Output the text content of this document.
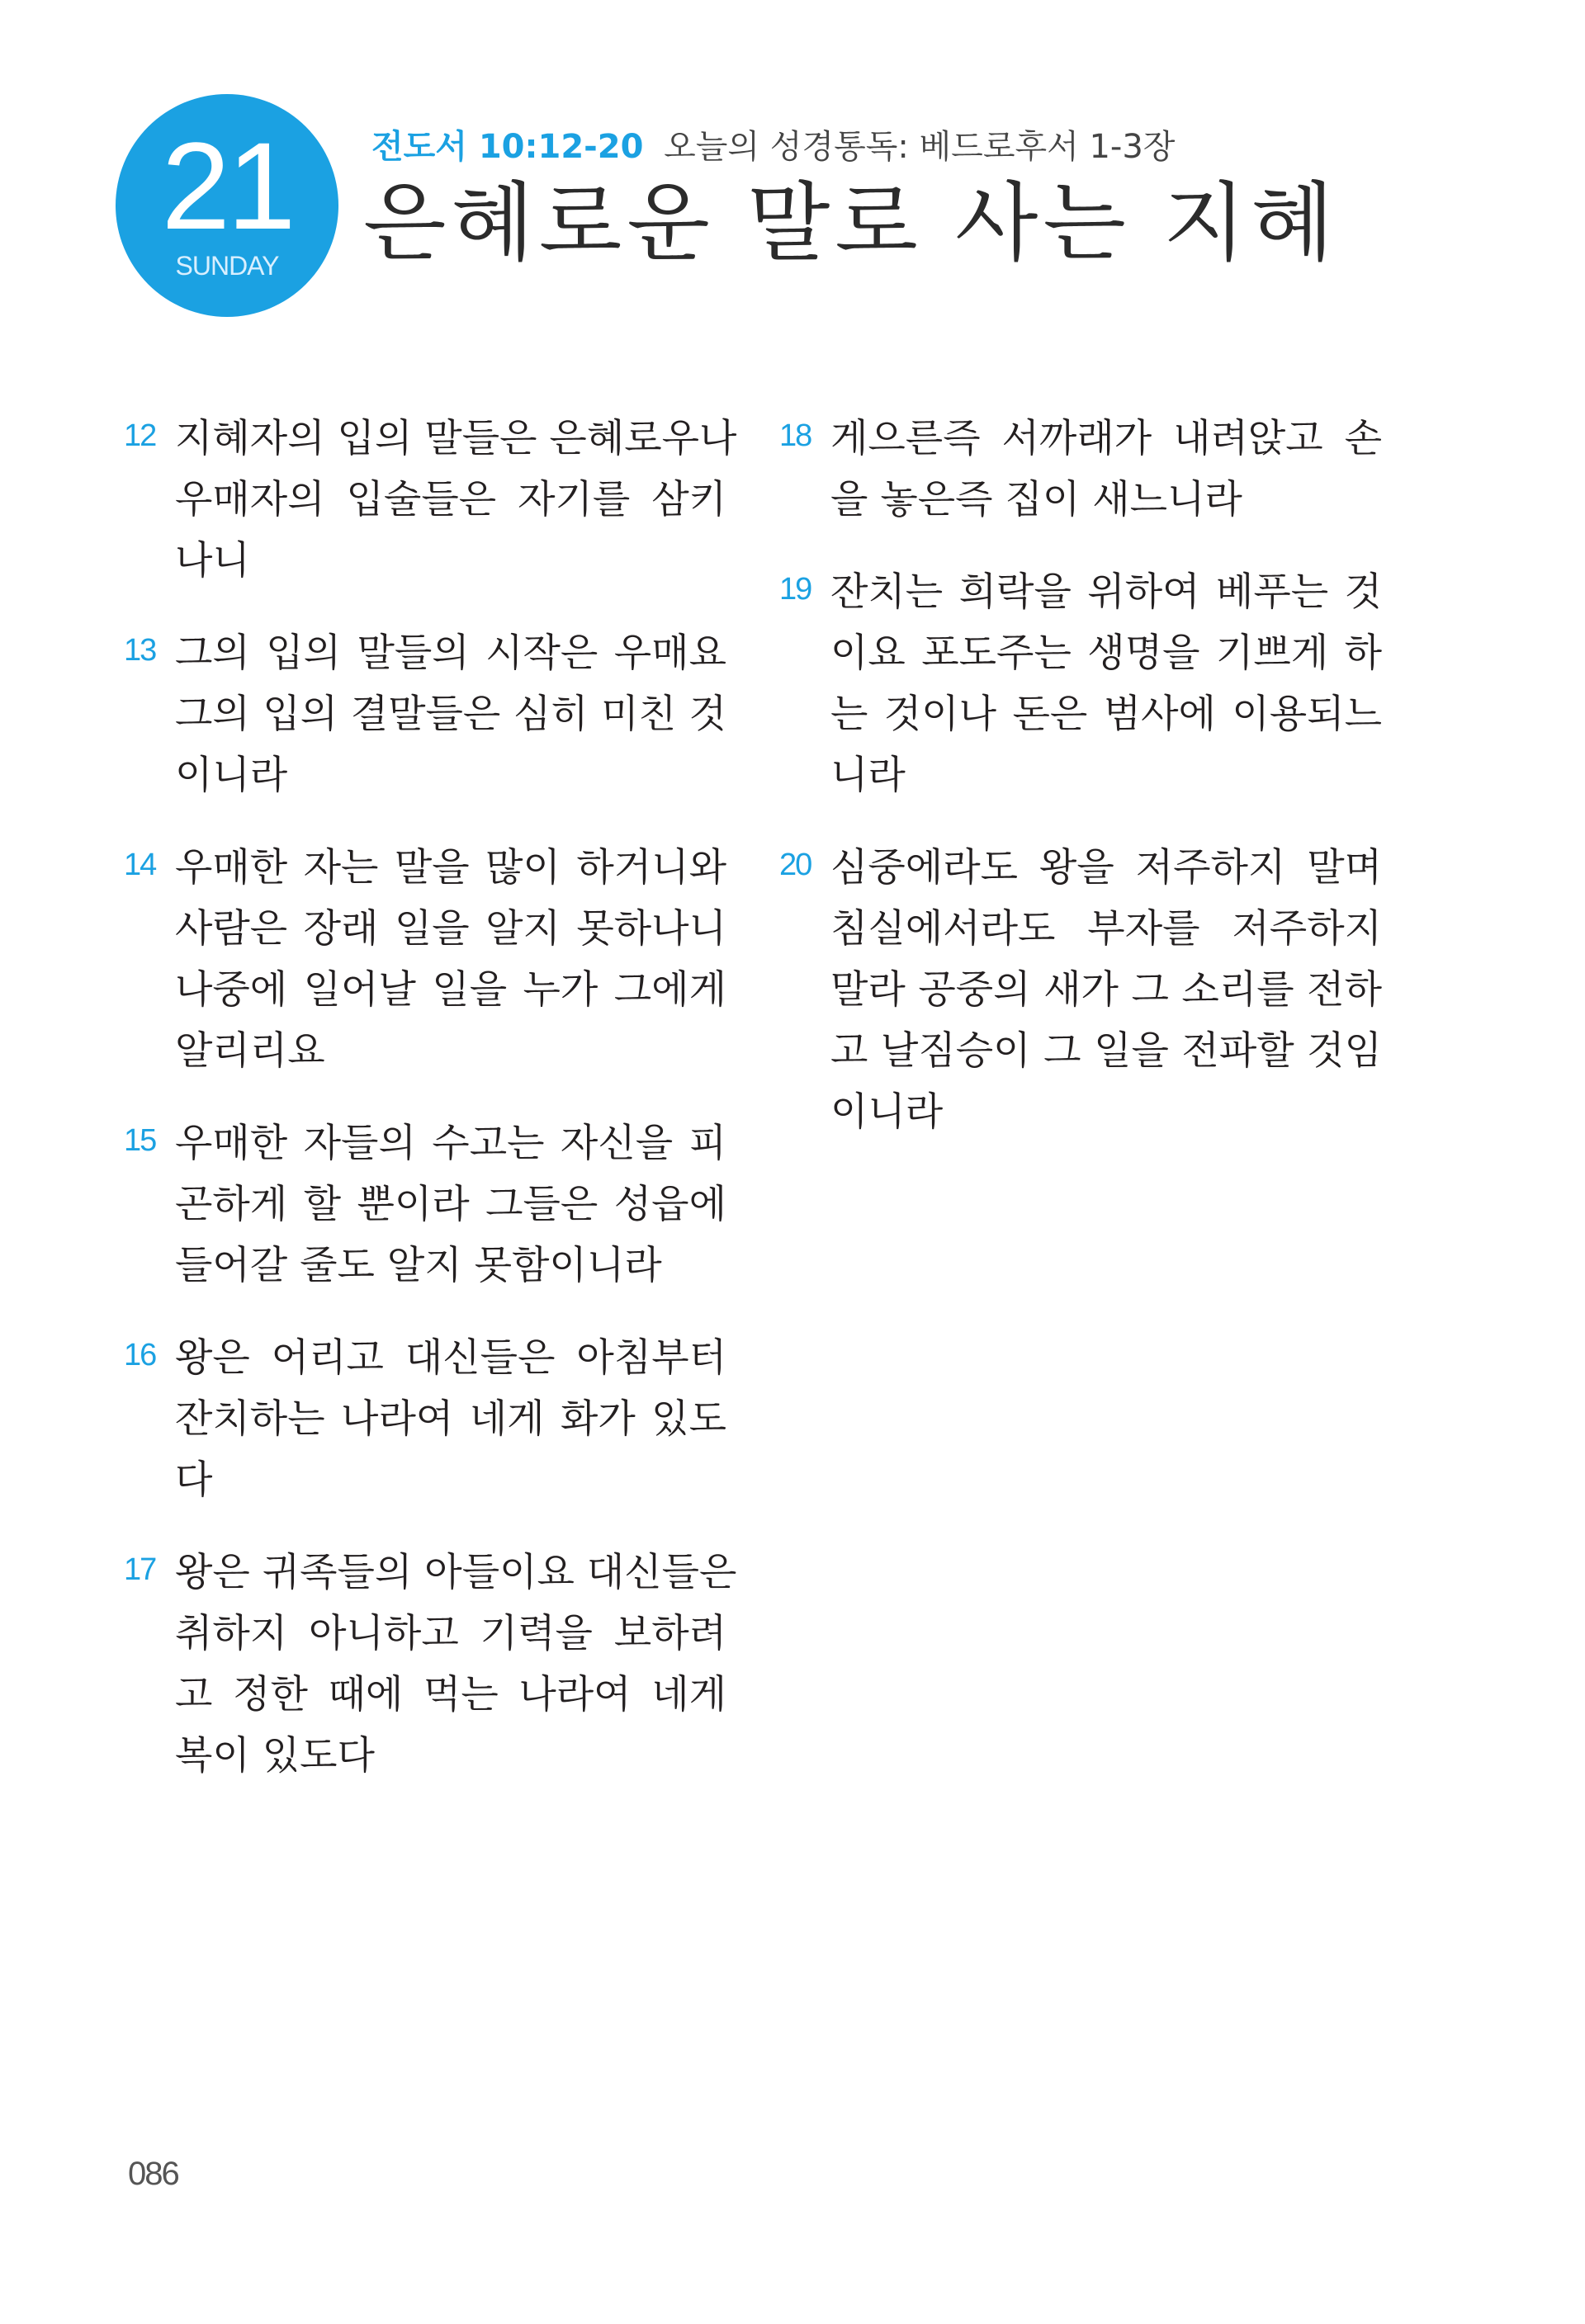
21
SUNDAY
전도서 10:12-20 오늘의 성경통독: 베드로후서 1-3장
은혜로운 말로 사는 지혜
12 지혜자의 입의 말들은 은혜로우나
우매자의 입술들은 자기를 삼키
나니
13 그의 입의 말들의 시작은 우매요
그의 입의 결말들은 심히 미친 것
이니라
14 우매한 자는 말을 많이 하거니와
사람은 장래 일을 알지 못하나니
나중에 일어날 일을 누가 그에게
알리리요
15 우매한 자들의 수고는 자신을 피
곤하게 할 뿐이라 그들은 성읍에
들어갈 줄도 알지 못함이니라
16 왕은 어리고 대신들은 아침부터
잔치하는 나라여 네게 화가 있도
다
17 왕은 귀족들의 아들이요 대신들은
취하지 아니하고 기력을 보하려
고 정한 때에 먹는 나라여 네게
복이 있도다
18 게으른즉 서까래가 내려앉고 손
을 놓은즉 집이 새느니라
19 잔치는 희락을 위하여 베푸는 것
이요 포도주는 생명을 기쁘게 하
는 것이나 돈은 범사에 이용되느
니라
20 심중에라도 왕을 저주하지 말며
침실에서라도 부자를 저주하지
말라 공중의 새가 그 소리를 전하
고 날짐승이 그 일을 전파할 것임
이니라
086
